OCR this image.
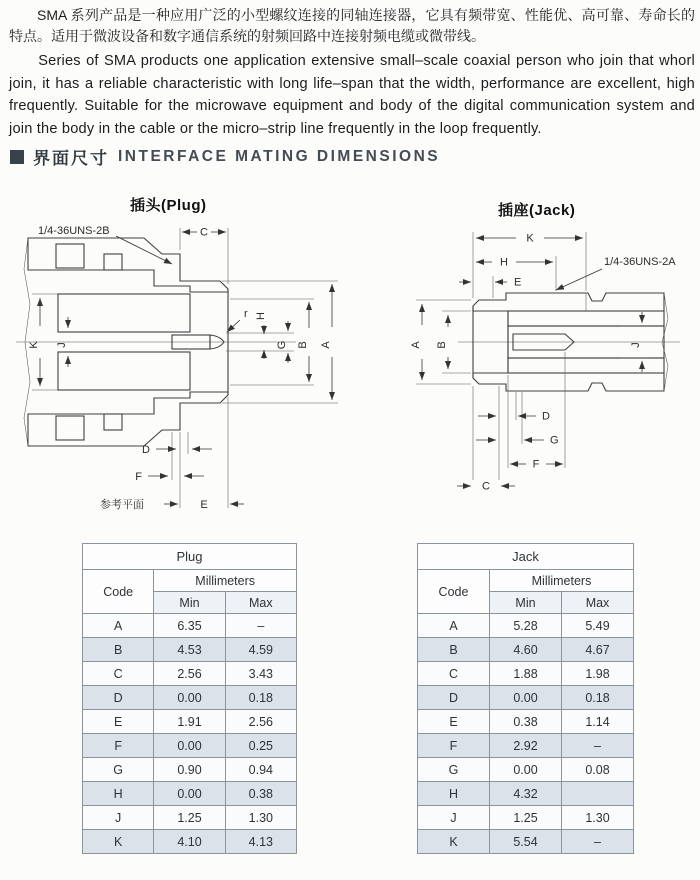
SMA 系列产品是一种应用广泛的小型螺纹连接的同轴连接器，它具有频带宽、性能优、高可靠、寿命长的特点。适用于微波设备和数字通信系统的射频回路中连接射频电缆或微带线。

Series of SMA products one application extensive small–scale coaxial person who join that whorl join, it has a reliable characteristic with long life–span that the width, performance are excellent, high frequently. Suitable for the microwave equipment and body of the digital communication system and join the body in the cable or the micro–strip line frequently in the loop frequently.

界面尺寸 INTERFACE MATING DIMENSIONS
插头(Plug)	插座(Jack)
C
A
B
G
H
r
K J
1/4-36UNS-2B
D
F
E
参考平面
K
H
E
1/4-36UNS-2A
A B	J
D
G
F
C
Plug		
Code	Millimeters	
	Min	Max
A	6.35	–
B	4.53	4.59
C	2.56	3.43
D	0.00	0.18
E	1.91	2.56
F	0.00	0.25
G	0.90	0.94
H	0.00	0.38
J	1.25	1.30
K	4.10	4.13
Jack		
Code	Millimeters	
	Min	Max
A	5.28	5.49
B	4.60	4.67
C	1.88	1.98
D	0.00	0.18
E	0.38	1.14
F	2.92	–
G	0.00	0.08
H	4.32	
J	1.25	1.30
K	5.54	–
